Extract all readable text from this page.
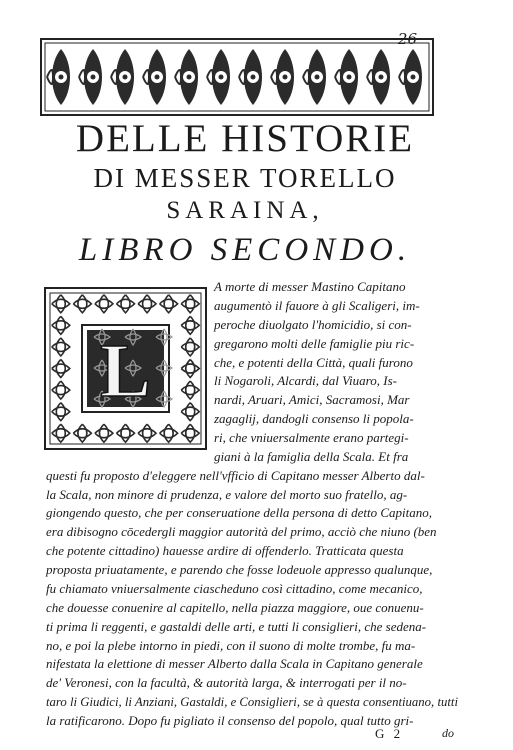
26
DELLE HISTORIE
DI MESSER TORELLO
SARAINA,
LIBRO SECONDO.
L
A morte di messer Mastino Capitano
augumentò il fauore à gli Scaligeri, im-
peroche diuolgato l'homicidio, si con-
gregarono molti delle famiglie piu ric-
che, e potenti della Città, quali furono
li Nogaroli, Alcardi, dal Viuaro, Is-
nardi, Aruari, Amici, Sacramosi, Mar
zagaglij, dandogli consenso li popola-
ri, che vniuersalmente erano partegi-
giani à la famiglia della Scala. Et fra
questi fu proposto d'eleggere nell'vfficio di Capitano messer Alberto dal-
la Scala, non minore di prudenza, e valore del morto suo fratello, ag-
giongendo questo, che per conseruatione della persona di detto Capitano,
era dibisogno cōcedergli maggior autorità del primo, acciò che niuno (ben
che potente cittadino) hauesse ardire di offenderlo. Tratticata questa
proposta priuatamente, e parendo che fosse lodeuole appresso qualunque,
fu chiamato vniuersalmente ciascheduno così cittadino, come mecanico,
che douesse conuenire al capitello, nella piazza maggiore, oue conuenu-
ti prima li reggenti, e gastaldi delle arti, e tutti li consiglieri, che sedena-
no, e poi la plebe intorno in piedi, con il suono di molte trombe, fu ma-
nifestata la elettione di messer Alberto dalla Scala in Capitano generale
de' Veronesi, con la facultà, & autorità larga, & interrogati per il no-
taro li Giudici, li Anziani, Gastaldi, e Consiglieri, se à questa consentiuano, tutti
la ratificarono. Dopo fu pigliato il consenso del popolo, qual tutto gri-
G 2	do
